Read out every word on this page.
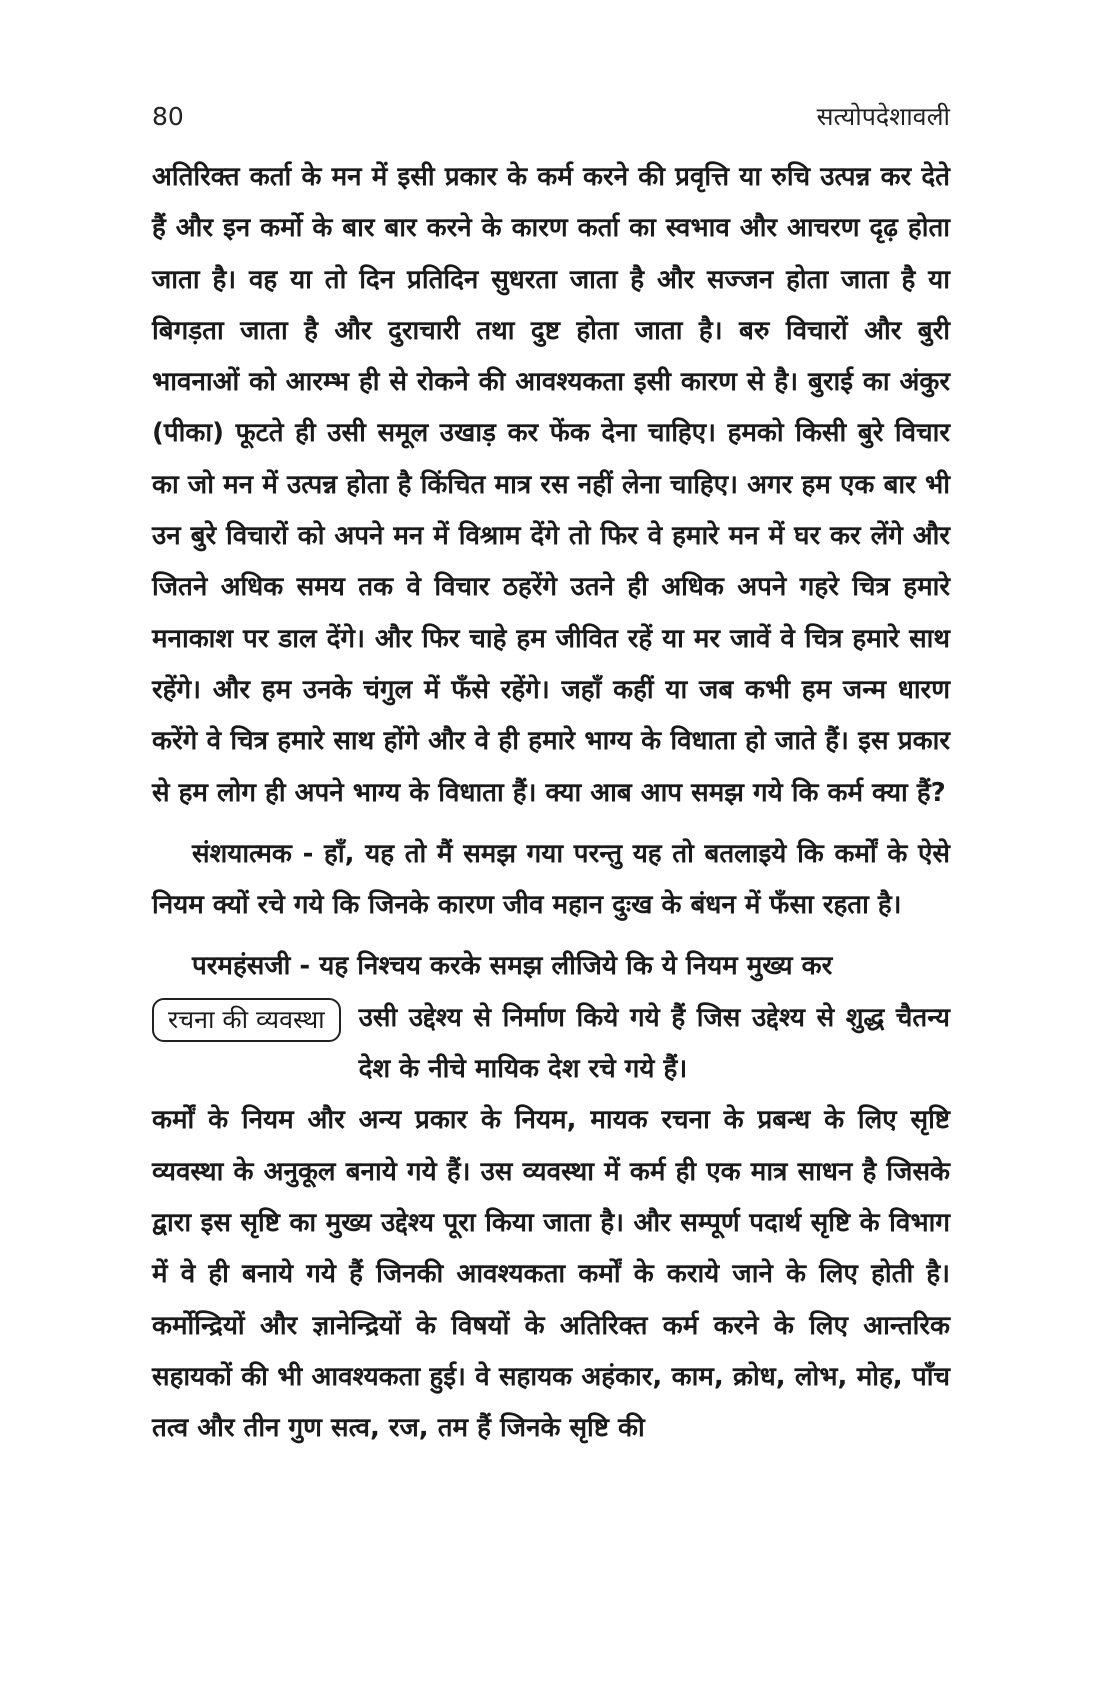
80	सत्योपदेशावली

अतिरिक्त कर्ता के मन में इसी प्रकार के कर्म करने की प्रवृत्ति या रुचि उत्पन्न कर देते हैं और इन कर्मो के बार बार करने के कारण कर्ता का स्वभाव और आचरण दृढ़ होता जाता है। वह या तो दिन प्रतिदिन सुधरता जाता है और सज्जन होता जाता है या बिगड़ता जाता है और दुराचारी तथा दुष्ट होता जाता है। बरु विचारों और बुरी भावनाओं को आरम्भ ही से रोकने की आवश्यकता इसी कारण से है। बुराई का अंकुर (पीका) फूटते ही उसी समूल उखाड़ कर फेंक देना चाहिए। हमको किसी बुरे विचार का जो मन में उत्पन्न होता है किंचित मात्र रस नहीं लेना चाहिए। अगर हम एक बार भी उन बुरे विचारों को अपने मन में विश्राम देंगे तो फिर वे हमारे मन में घर कर लेंगे और जितने अधिक समय तक वे विचार ठहरेंगे उतने ही अधिक अपने गहरे चित्र हमारे मनाकाश पर डाल देंगे। और फिर चाहे हम जीवित रहें या मर जावें वे चित्र हमारे साथ रहेंगे। और हम उनके चंगुल में फँसे रहेंगे। जहाँ कहीं या जब कभी हम जन्म धारण करेंगे वे चित्र हमारे साथ होंगे और वे ही हमारे भाग्य के विधाता हो जाते हैं। इस प्रकार से हम लोग ही अपने भाग्य के विधाता हैं। क्या आब आप समझ गये कि कर्म क्या हैं?

संशयात्मक - हाँ, यह तो मैं समझ गया परन्तु यह तो बतलाइये कि कर्मों के ऐसे नियम क्यों रचे गये कि जिनके कारण जीव महान दुःख के बंधन में फँसा रहता है।

परमहंसजी - यह निश्चय करके समझ लीजिये कि ये नियम मुख्य कर

रचना की व्यवस्था	उसी उद्देश्य से निर्माण किये गये हैं जिस उद्देश्य से शुद्ध चैतन्य देश के नीचे मायिक देश रचे गये हैं।

कर्मों के नियम और अन्य प्रकार के नियम, मायक रचना के प्रबन्ध के लिए सृष्टि व्यवस्था के अनुकूल बनाये गये हैं। उस व्यवस्था में कर्म ही एक मात्र साधन है जिसके द्वारा इस सृष्टि का मुख्य उद्देश्य पूरा किया जाता है। और सम्पूर्ण पदार्थ सृष्टि के विभाग में वे ही बनाये गये हैं जिनकी आवश्यकता कर्मों के कराये जाने के लिए होती है। कर्मोन्द्रियों और ज्ञानेन्द्रियों के विषयों के अतिरिक्त कर्म करने के लिए आन्तरिक सहायकों की भी आवश्यकता हुई। वे सहायक अहंकार, काम, क्रोध, लोभ, मोह, पाँच तत्व और तीन गुण सत्व, रज, तम हैं जिनके सृष्टि की
